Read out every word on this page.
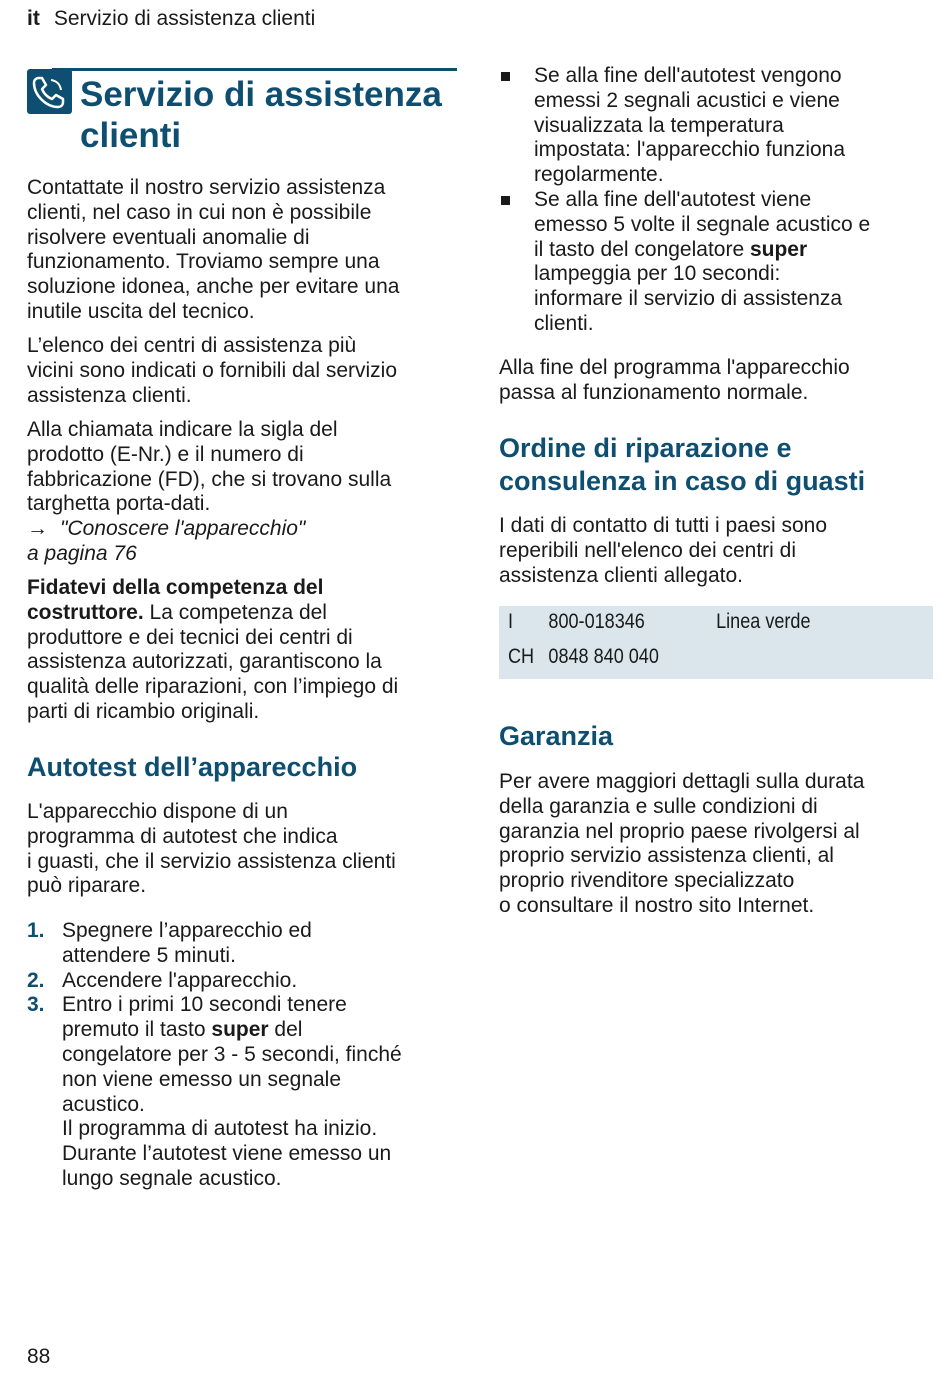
it Servizio di assistenza clienti
Servizio di assistenza
clienti

Contattate il nostro servizio assistenza

clienti, nel caso in cui non è possibile

risolvere eventuali anomalie di

funzionamento. Troviamo sempre una

soluzione idonea, anche per evitare una

inutile uscita del tecnico.

L’elenco dei centri di assistenza più

vicini sono indicati o fornibili dal servizio

assistenza clienti.

Alla chiamata indicare la sigla del

prodotto (E-Nr.) e il numero di

fabbricazione (FD), che si trovano sulla

targhetta porta-dati.

→ "Conoscere l'apparecchio"

a pagina 76

Fidatevi della competenza del

costruttore. La competenza del

produttore e dei tecnici dei centri di

assistenza autorizzati, garantiscono la

qualità delle riparazioni, con l’impiego di

parti di ricambio originali.

Autotest dell’apparecchio

L'apparecchio dispone di un

programma di autotest che indica

i guasti, che il servizio assistenza clienti

può riparare.

1. Spegnere l’apparecchio ed
attendere 5 minuti.
2. Accendere l'apparecchio.
3. Entro i primi 10 secondi tenere
premuto il tasto super del
congelatore per 3 - 5 secondi, finché
non viene emesso un segnale
acustico.
Il programma di autotest ha inizio.
Durante l’autotest viene emesso un
lungo segnale acustico.
Se alla fine dell'autotest vengono
emessi 2 segnali acustici e viene
visualizzata la temperatura
impostata: l'apparecchio funziona
regolarmente.
Se alla fine dell'autotest viene
emesso 5 volte il segnale acustico e
il tasto del congelatore super
lampeggia per 10 secondi:
informare il servizio di assistenza
clienti.

Alla fine del programma l'apparecchio

passa al funzionamento normale.

Ordine di riparazione e
consulenza in caso di guasti

I dati di contatto di tutti i paesi sono

reperibili nell'elenco dei centri di

assistenza clienti allegato.

I 800-018346	Linea verde
CH 0848 840 040
Garanzia

Per avere maggiori dettagli sulla durata

della garanzia e sulle condizioni di

garanzia nel proprio paese rivolgersi al

proprio servizio assistenza clienti, al

proprio rivenditore specializzato

o consultare il nostro sito Internet.

88
